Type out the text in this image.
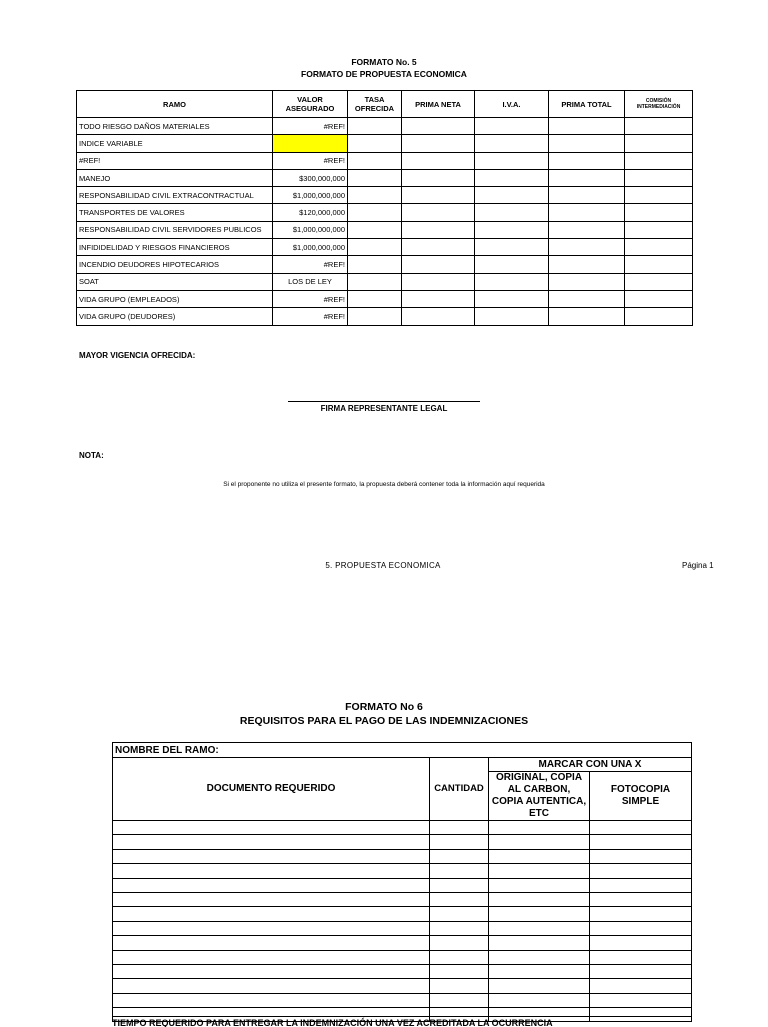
FORMATO No. 5
FORMATO DE PROPUESTA ECONOMICA
RAMO	VALOR ASEGURADO	TASA OFRECIDA	PRIMA NETA	I.V.A.	PRIMA TOTAL	COMISIÓN INTERMEDIACIÓN
TODO RIESGO DAÑOS MATERIALES	#REF!					
INDICE VARIABLE						
#REF!	#REF!					
MANEJO	$300,000,000					
RESPONSABILIDAD CIVIL EXTRACONTRACTUAL	$1,000,000,000					
TRANSPORTES DE VALORES	$120,000,000					
RESPONSABILIDAD CIVIL SERVIDORES PUBLICOS	$1,000,000,000					
INFIDIDELIDAD Y RIESGOS FINANCIEROS	$1,000,000,000					
INCENDIO DEUDORES HIPOTECARIOS	#REF!					
SOAT	LOS DE LEY					
VIDA GRUPO (EMPLEADOS)	#REF!					
VIDA GRUPO (DEUDORES)	#REF!					
MAYOR VIGENCIA OFRECIDA:
FIRMA REPRESENTANTE LEGAL
NOTA:
Si el proponente no utiliza el presente formato, la propuesta deberá contener toda la información aquí requerida
5. PROPUESTA ECONOMICA	Página 1
FORMATO No 6
REQUISITOS PARA EL PAGO DE LAS INDEMNIZACIONES
NOMBRE DEL RAMO:			
DOCUMENTO REQUERIDO	CANTIDAD	MARCAR CON UNA X	
		ORIGINAL, COPIA AL CARBON, COPIA AUTENTICA, ETC	FOTOCOPIA SIMPLE

TIEMPO REQUERIDO PARA ENTREGAR LA INDEMNIZACIÓN UNA VEZ ACREDITADA LA OCURRENCIA
